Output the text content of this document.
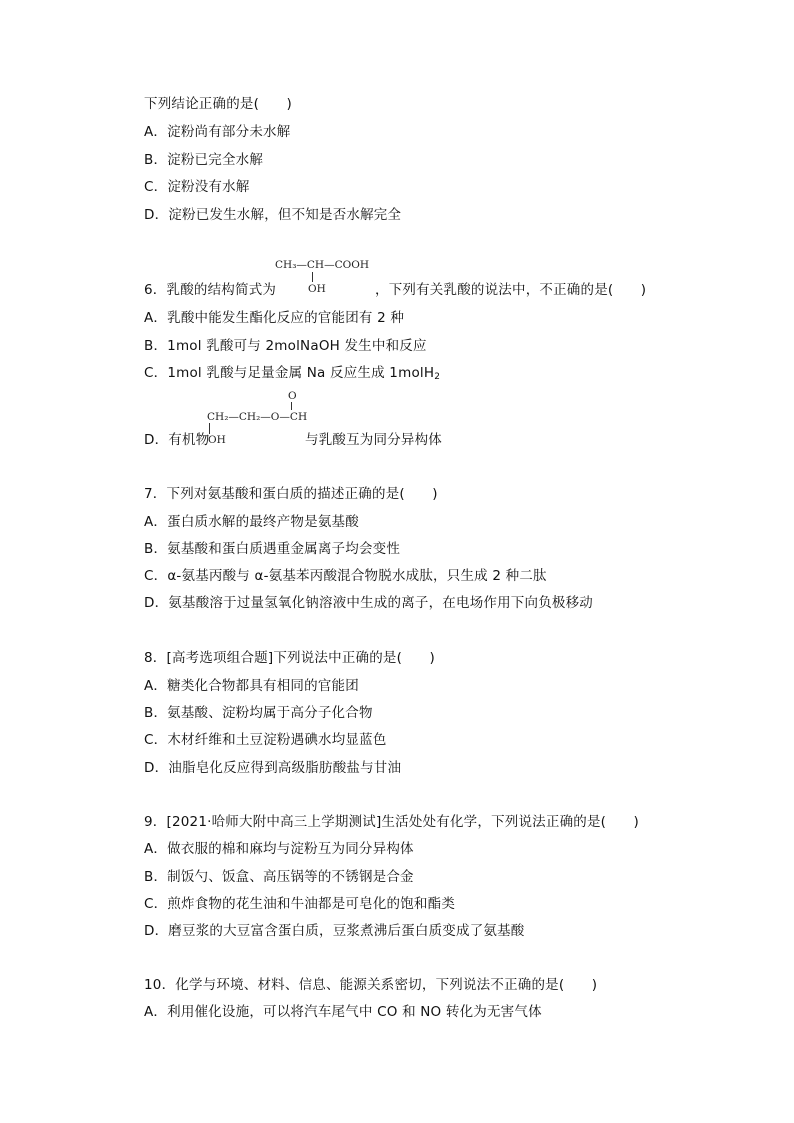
下列结论正确的是(　　)
A．淀粉尚有部分未水解
B．淀粉已完全水解
C．淀粉没有水解
D．淀粉已发生水解，但不知是否水解完全
CH₃—CH—COOH
OH
6．乳酸的结构简式为	，下列有关乳酸的说法中，不正确的是(　　)
A．乳酸中能发生酯化反应的官能团有 2 种
B．1mol 乳酸可与 2molNaOH 发生中和反应
C．1mol 乳酸与足量金属 Na 反应生成 1molH$_2$
O
CH₂—CH₂—O—CH
OH
D．有机物	与乳酸互为同分异构体
7．下列对氨基酸和蛋白质的描述正确的是(　　)
A．蛋白质水解的最终产物是氨基酸
B．氨基酸和蛋白质遇重金属离子均会变性
C．α-氨基丙酸与 α-氨基苯丙酸混合物脱水成肽，只生成 2 种二肽
D．氨基酸溶于过量氢氧化钠溶液中生成的离子，在电场作用下向负极移动
8．[高考选项组合题]下列说法中正确的是(　　)
A．糖类化合物都具有相同的官能团
B．氨基酸、淀粉均属于高分子化合物
C．木材纤维和土豆淀粉遇碘水均显蓝色
D．油脂皂化反应得到高级脂肪酸盐与甘油
9．[2021·哈师大附中高三上学期测试]生活处处有化学，下列说法正确的是(　　)
A．做衣服的棉和麻均与淀粉互为同分异构体
B．制饭勺、饭盒、高压锅等的不锈钢是合金
C．煎炸食物的花生油和牛油都是可皂化的饱和酯类
D．磨豆浆的大豆富含蛋白质，豆浆煮沸后蛋白质变成了氨基酸
10．化学与环境、材料、信息、能源关系密切，下列说法不正确的是(　　)
A．利用催化设施，可以将汽车尾气中 CO 和 NO 转化为无害气体
